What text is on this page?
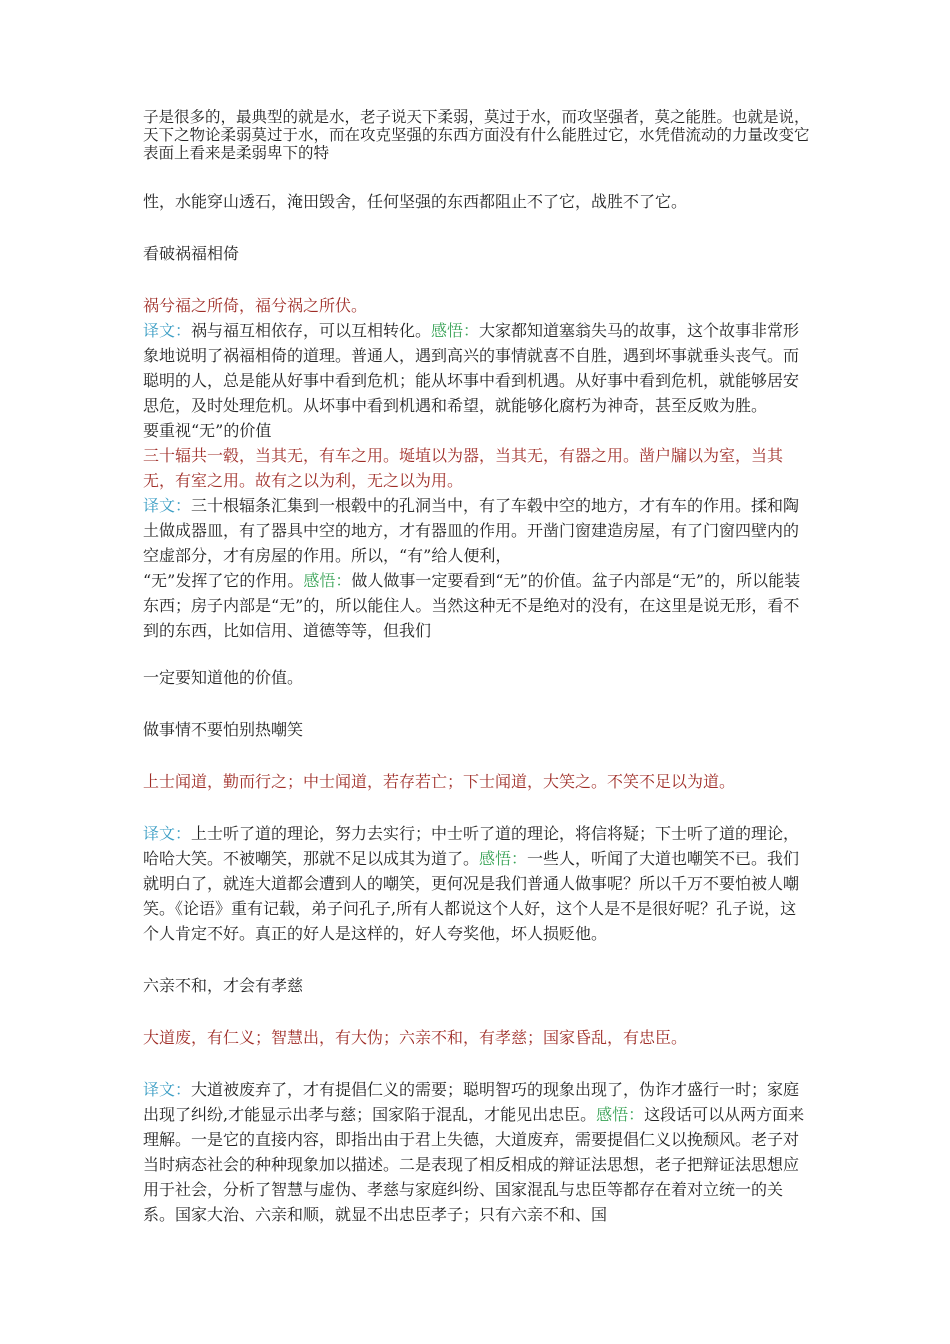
子是很多的，最典型的就是水，老子说天下柔弱，莫过于水，而攻坚强者，莫之能胜。也就是说，天下之物论柔弱莫过于水，而在攻克坚强的东西方面没有什么能胜过它，水凭借流动的力量改变它表面上看来是柔弱卑下的特

性，水能穿山透石，淹田毁舍，任何坚强的东西都阻止不了它，战胜不了它。

看破祸福相倚

祸兮福之所倚，福兮祸之所伏。

译文：祸与福互相依存，可以互相转化。感悟：大家都知道塞翁失马的故事，这个故事非常形象地说明了祸福相倚的道理。普通人，遇到高兴的事情就喜不自胜，遇到坏事就垂头丧气。而聪明的人，总是能从好事中看到危机；能从坏事中看到机遇。从好事中看到危机，就能够居安思危，及时处理危机。从坏事中看到机遇和希望，就能够化腐朽为神奇，甚至反败为胜。

要重视“无”的价值

三十辐共一毂，当其无，有车之用。埏埴以为器，当其无，有器之用。凿户牖以为室，当其无，有室之用。故有之以为利，无之以为用。

译文：三十根辐条汇集到一根毂中的孔洞当中，有了车毂中空的地方，才有车的作用。揉和陶土做成器皿，有了器具中空的地方，才有器皿的作用。开凿门窗建造房屋，有了门窗四壁内的空虚部分，才有房屋的作用。所以，“有”给人便利，

“无”发挥了它的作用。感悟：做人做事一定要看到“无”的价值。盆子内部是“无”的，所以能装东西；房子内部是“无”的，所以能住人。当然这种无不是绝对的没有，在这里是说无形，看不到的东西，比如信用、道德等等，但我们

一定要知道他的价值。

做事情不要怕别热嘲笑

上士闻道，勤而行之；中士闻道，若存若亡；下士闻道，大笑之。不笑不足以为道。

译文：上士听了道的理论，努力去实行；中士听了道的理论，将信将疑；下士听了道的理论，哈哈大笑。不被嘲笑，那就不足以成其为道了。感悟：一些人，听闻了大道也嘲笑不已。我们就明白了，就连大道都会遭到人的嘲笑，更何况是我们普通人做事呢？所以千万不要怕被人嘲笑。《论语》重有记载，弟子问孔子,所有人都说这个人好，这个人是不是很好呢？孔子说，这个人肯定不好。真正的好人是这样的，好人夸奖他，坏人损贬他。

六亲不和，才会有孝慈

大道废，有仁义；智慧出，有大伪；六亲不和，有孝慈；国家昏乱，有忠臣。

译文：大道被废弃了，才有提倡仁义的需要；聪明智巧的现象出现了，伪诈才盛行一时；家庭出现了纠纷,才能显示出孝与慈；国家陷于混乱，才能见出忠臣。感悟：这段话可以从两方面来理解。一是它的直接内容，即指出由于君上失德，大道废弃，需要提倡仁义以挽颓风。老子对当时病态社会的种种现象加以描述。二是表现了相反相成的辩证法思想，老子把辩证法思想应用于社会，分析了智慧与虚伪、孝慈与家庭纠纷、国家混乱与忠臣等都存在着对立统一的关系。国家大治、六亲和顺，就显不出忠臣孝子；只有六亲不和、国
